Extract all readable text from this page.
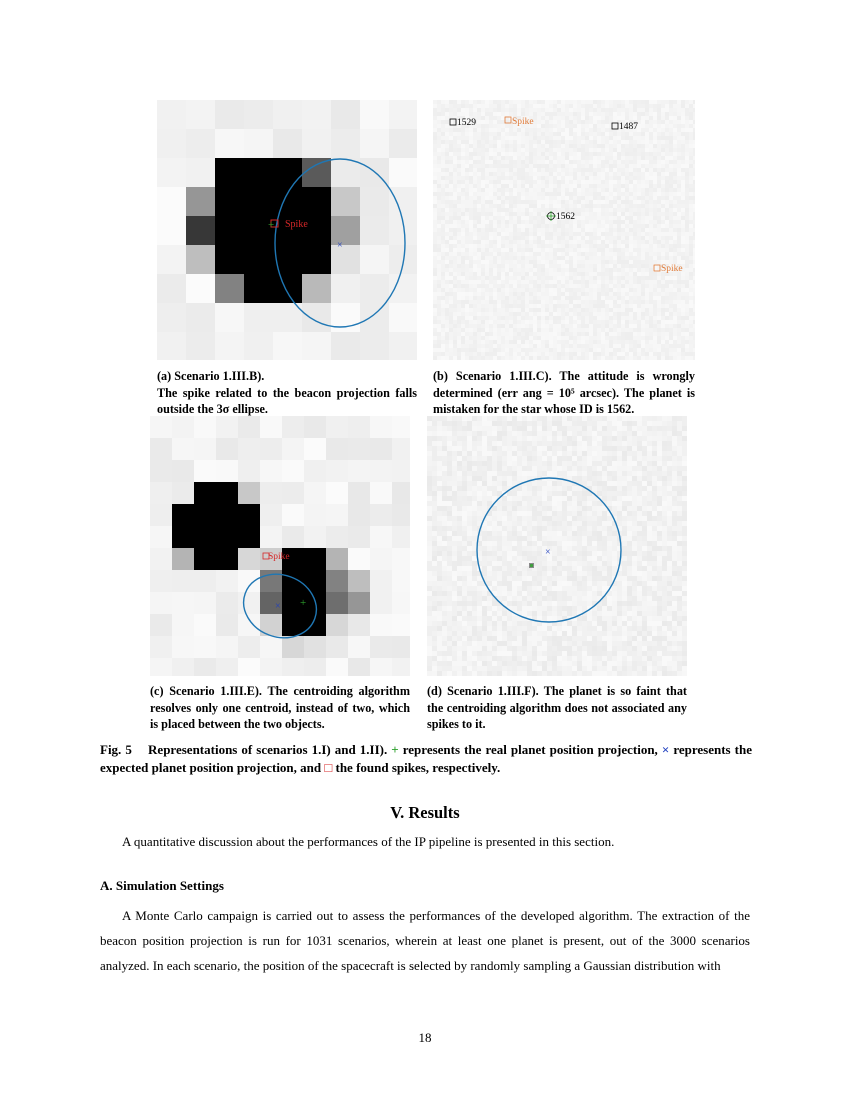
×
+ Spike
(a) Scenario 1.III.B).
The spike related to the beacon projection falls outside the 3σ ellipse.
1529	Spike	1487
1562
Spike
(b) Scenario 1.III.C). The attitude is wrongly determined (err ang = 10⁵ arcsec). The planet is mistaken for the star whose ID is 1562.
Spike
× +
(c) Scenario 1.III.E). The centroiding algorithm resolves only one centroid, instead of two, which is placed between the two objects.
×
(d) Scenario 1.III.F). The planet is so faint that the centroiding algorithm does not associated any spikes to it.
Fig. 5 Representations of scenarios 1.I) and 1.II). + represents the real planet position projection, × represents the expected planet position projection, and □ the found spikes, respectively.
V. Results
A quantitative discussion about the performances of the IP pipeline is presented in this section.
A. Simulation Settings
A Monte Carlo campaign is carried out to assess the performances of the developed algorithm. The extraction of the beacon position projection is run for 1031 scenarios, wherein at least one planet is present, out of the 3000 scenarios analyzed. In each scenario, the position of the spacecraft is selected by randomly sampling a Gaussian distribution with
18
